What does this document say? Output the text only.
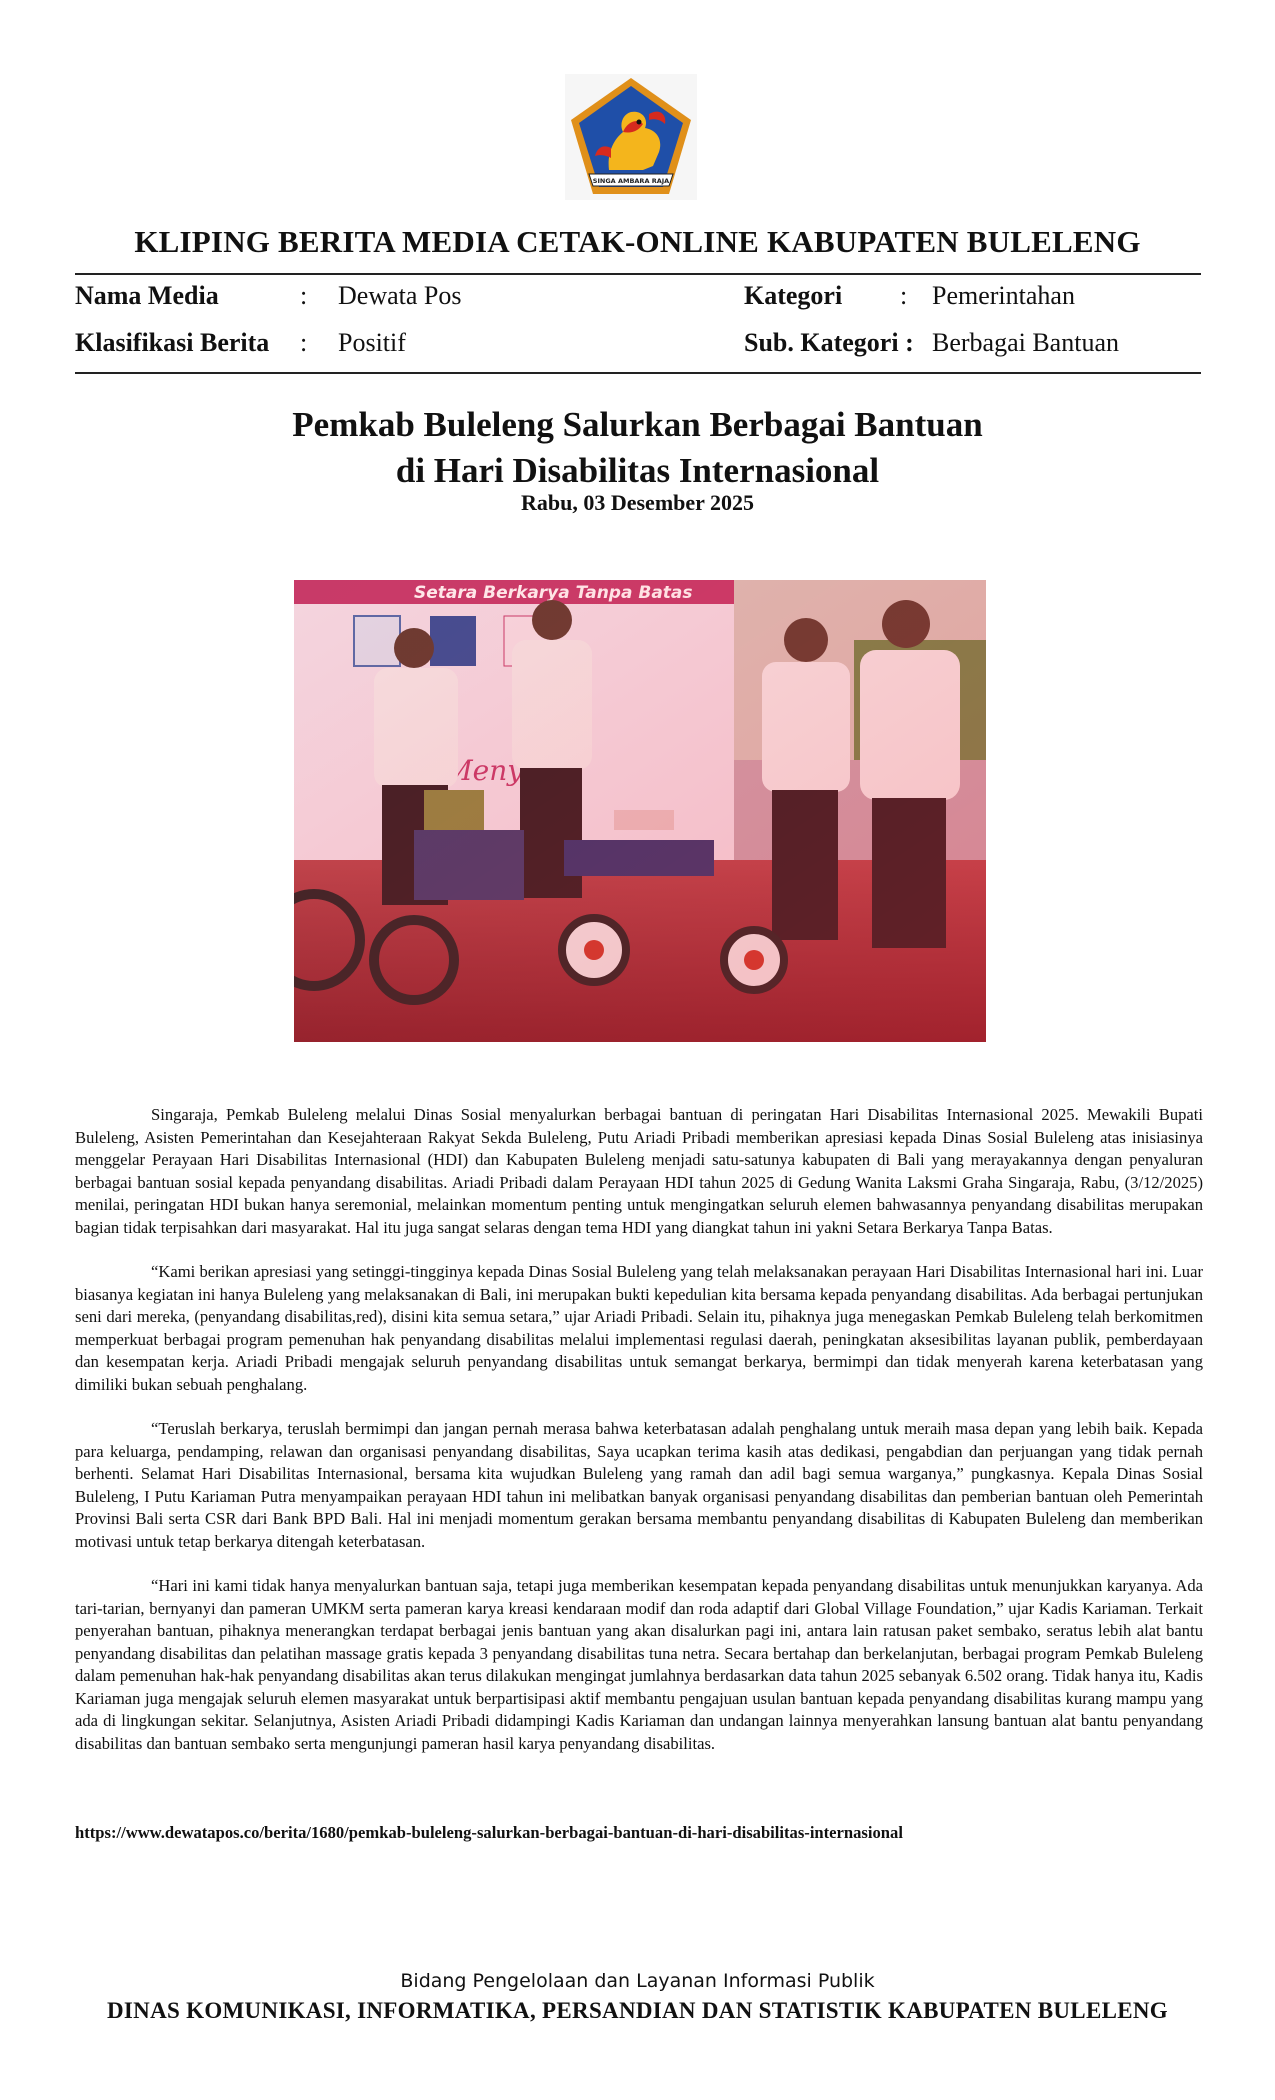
SINGA AMBARA RAJA
KLIPING BERITA MEDIA CETAK-ONLINE KABUPATEN BULELENG
Nama Media	: Dewata Pos	Kategori : Pemerintahan
Klasifikasi Berita : Positif	Sub. Kategori : Berbagai Bantuan
Pemkab Buleleng Salurkan Berbagai Bantuan
di Hari Disabilitas Internasional
Rabu, 03 Desember 2025

Singaraja, Pemkab Buleleng melalui Dinas Sosial menyalurkan berbagai bantuan di peringatan Hari Disabilitas Internasional 2025. Mewakili Bupati Buleleng, Asisten Pemerintahan dan Kesejahteraan Rakyat Sekda Buleleng, Putu Ariadi Pribadi memberikan apresiasi kepada Dinas Sosial Buleleng atas inisiasinya menggelar Perayaan Hari Disabilitas Internasional (HDI) dan Kabupaten Buleleng menjadi satu-satunya kabupaten di Bali yang merayakannya dengan penyaluran berbagai bantuan sosial kepada penyandang disabilitas. Ariadi Pribadi dalam Perayaan HDI tahun 2025 di Gedung Wanita Laksmi Graha Singaraja, Rabu, (3/12/2025) menilai, peringatan HDI bukan hanya seremonial, melainkan momentum penting untuk mengingatkan seluruh elemen bahwasannya penyandang disabilitas merupakan bagian tidak terpisahkan dari masyarakat. Hal itu juga sangat selaras dengan tema HDI yang diangkat tahun ini yakni Setara Berkarya Tanpa Batas.

“Kami berikan apresiasi yang setinggi-tingginya kepada Dinas Sosial Buleleng yang telah melaksanakan perayaan Hari Disabilitas Internasional hari ini. Luar biasanya kegiatan ini hanya Buleleng yang melaksanakan di Bali, ini merupakan bukti kepedulian kita bersama kepada penyandang disabilitas. Ada berbagai pertunjukan seni dari mereka, (penyandang disabilitas,red), disini kita semua setara,” ujar Ariadi Pribadi. Selain itu, pihaknya juga menegaskan Pemkab Buleleng telah berkomitmen memperkuat berbagai program pemenuhan hak penyandang disabilitas melalui implementasi regulasi daerah, peningkatan aksesibilitas layanan publik, pemberdayaan dan kesempatan kerja. Ariadi Pribadi mengajak seluruh penyandang disabilitas untuk semangat berkarya, bermimpi dan tidak menyerah karena keterbatasan yang dimiliki bukan sebuah penghalang.

“Teruslah berkarya, teruslah bermimpi dan jangan pernah merasa bahwa keterbatasan adalah penghalang untuk meraih masa depan yang lebih baik. Kepada para keluarga, pendamping, relawan dan organisasi penyandang disabilitas, Saya ucapkan terima kasih atas dedikasi, pengabdian dan perjuangan yang tidak pernah berhenti. Selamat Hari Disabilitas Internasional, bersama kita wujudkan Buleleng yang ramah dan adil bagi semua warganya,” pungkasnya. Kepala Dinas Sosial Buleleng, I Putu Kariaman Putra menyampaikan perayaan HDI tahun ini melibatkan banyak organisasi penyandang disabilitas dan pemberian bantuan oleh Pemerintah Provinsi Bali serta CSR dari Bank BPD Bali. Hal ini menjadi momentum gerakan bersama membantu penyandang disabilitas di Kabupaten Buleleng dan memberikan motivasi untuk tetap berkarya ditengah keterbatasan.

“Hari ini kami tidak hanya menyalurkan bantuan saja, tetapi juga memberikan kesempatan kepada penyandang disabilitas untuk menunjukkan karyanya. Ada tari-tarian, bernyanyi dan pameran UMKM serta pameran karya kreasi kendaraan modif dan roda adaptif dari Global Village Foundation,” ujar Kadis Kariaman. Terkait penyerahan bantuan, pihaknya menerangkan terdapat berbagai jenis bantuan yang akan disalurkan pagi ini, antara lain ratusan paket sembako, seratus lebih alat bantu penyandang disabilitas dan pelatihan massage gratis kepada 3 penyandang disabilitas tuna netra. Secara bertahap dan berkelanjutan, berbagai program Pemkab Buleleng dalam pemenuhan hak-hak penyandang disabilitas akan terus dilakukan mengingat jumlahnya berdasarkan data tahun 2025 sebanyak 6.502 orang. Tidak hanya itu, Kadis Kariaman juga mengajak seluruh elemen masyarakat untuk berpartisipasi aktif membantu pengajuan usulan bantuan kepada penyandang disabilitas kurang mampu yang ada di lingkungan sekitar. Selanjutnya, Asisten Ariadi Pribadi didampingi Kadis Kariaman dan undangan lainnya menyerahkan lansung bantuan alat bantu penyandang disabilitas dan bantuan sembako serta mengunjungi pameran hasil karya penyandang disabilitas.

https://www.dewatapos.co/berita/1680/pemkab-buleleng-salurkan-berbagai-bantuan-di-hari-disabilitas-internasional
Bidang Pengelolaan dan Layanan Informasi Publik
DINAS KOMUNIKASI, INFORMATIKA, PERSANDIAN DAN STATISTIK KABUPATEN BULELENG
